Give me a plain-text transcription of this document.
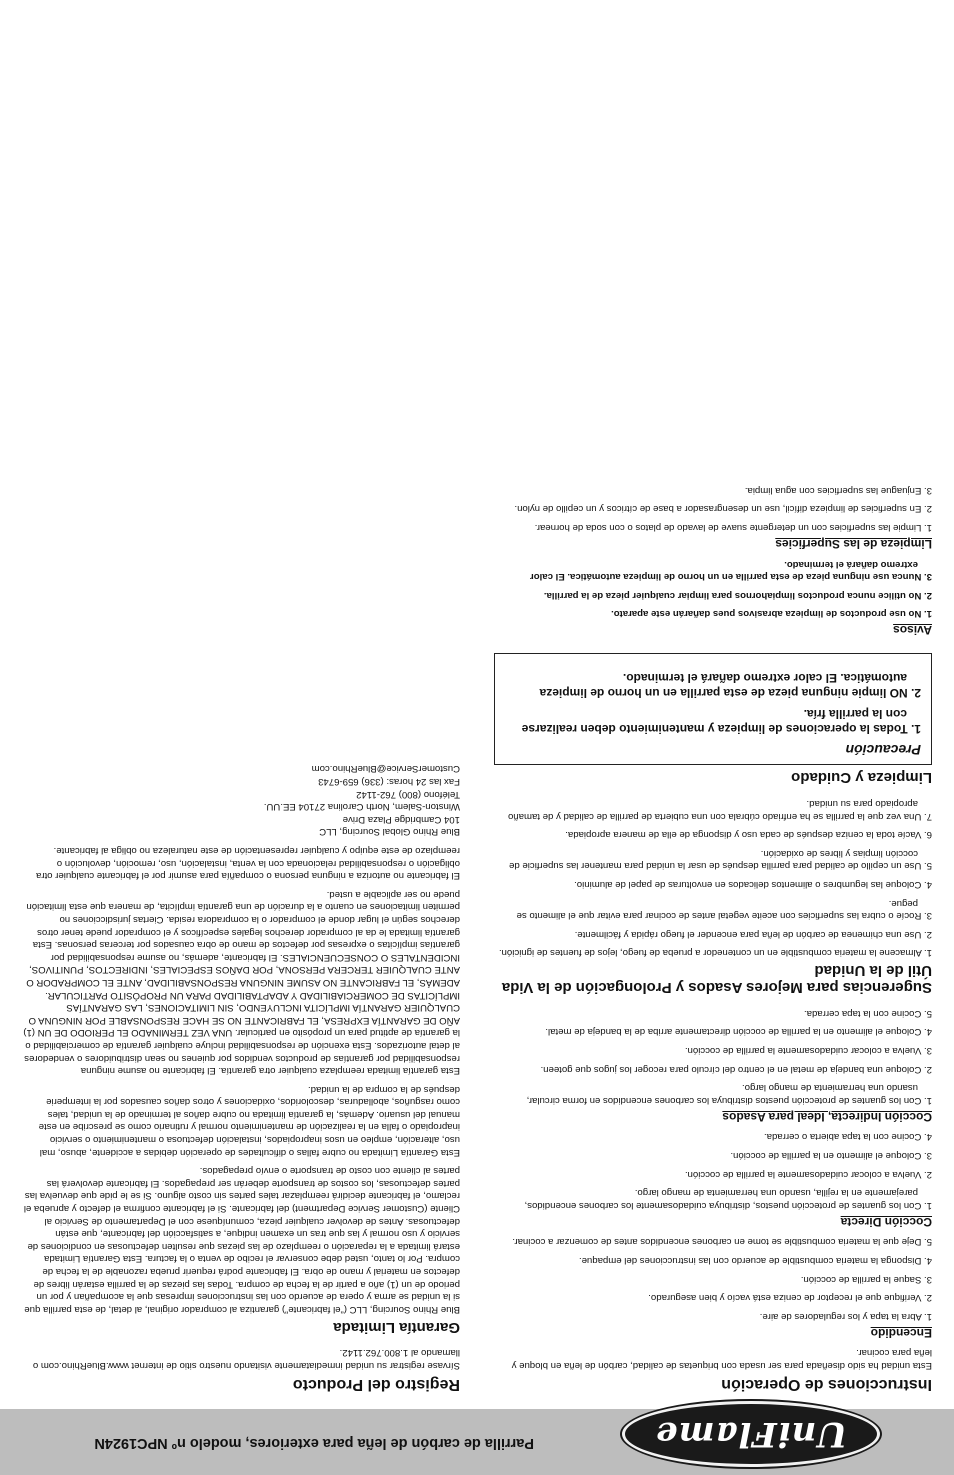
UniFlame
Parrilla de carbón de leña para exteriores, modelo nº NPC1924N
Instrucciones de Operación

Esta unidad ha sido diseñada para ser usada con briquetas de calidad, carbón de leña en bloque y leña para cocinar.

Encendido
1. Abra la tapa y los reguladores de aire.
2. Verifique que el receptor de ceniza está vacío y bien asegurado.
3. Saque la parrilla de cocción.
4. Disponga la materia combustible de acuerdo con las instrucciones del empaque.
5. Deje que la materia combustible se tome en carbones encendidos antes de comenzar a cocinar.
Cocción Directa
1. Con los guantes de protección puestos, distribuya cuidadosamente los carbones encendidos, parejamente en la rejilla, usando una herramienta de mango largo.
2. Vuelva a colocar cuidadosamente la parrilla de cocción.
3. Coloque el alimento en la parrilla de cocción.
4. Cocine con la tapa abierta o cerrada.
Cocción Indirecta, Ideal para Asados
1. Con los guantes de protección puestos distribuya los carbones encendidos en forma circular, usando una herramienta de mango largo.
2. Coloque una bandeja de metal en el centro del círculo para recoger los jugos que goteen.
3. Vuelva a colocar cuidadosamente la parrilla de cocción.
4. Coloque el alimento en la parrilla de cocción directamente arriba de la bandeja de metal.
5. Cocine con la tapa cerrada.
Sugerencias para Mejores Asados y Prolongación de la Vida Útil de la Unidad
1. Almacene la materia combustible en un contenedor a prueba de fuego, lejos de fuentes de ignición.
2. Use una chimenea de carbón de leña para encender el fuego rápida y fácilmente.
3. Rocíe o cubra las superficies con aceite vegetal antes de cocinar para evitar que el alimento se pegue.
4. Coloque las legumbres o alimentos delicados en envolturas de papel de aluminio.
5. Use un cepillo de calidad para parrilla después de usar la unidad para mantener las superficie de cocción limpias y libres de oxidación.
6. Vacíe toda la ceniza después de cada uso y disponga de ella de manera apropiada.
7. Una vez que la parrilla se ha enfriado cúbrala con una cubierta de parrilla de calidad y de tamaño apropiado para su unidad.
Limpieza y Cuidado
Precaución
1. Todas la operaciones de limpieza y mantenimiento deben realizarse con la parrilla fría.
2. NO limpie ninguna pieza de esta parrilla en un horno de limpieza automática. El calor extremo dañará el terminado.
Avisos
1. No use productos de limpieza abrasivos pues dañarán este aparato.
2. No utilice nunca productos limpiahornos para limpiar cualquier pieza de la parrilla.
3. Nunca use ninguna pieza de esta parrilla en un horno de limpieza automática. El calor extremo dañará el terminado.
Limpieza de las Superficies
1. Limpie las superficies con un detergente suave de lavado de platos o con soda de hornear.
2. En superficies de limpieza difícil, use un desengrasador a base de cítricos y un cepillo de nylon.
3. Enjuague las superficies con agua limpia.
Registro del Producto

Sírvase registrar su unidad inmediatamente visitando nuestro sitio de internet www.BlueRhino.com o llamando al 1.800.762.1142.

Garantía Limitada

Blue Rhino Sourcing, LLC (“el fabricante”) garantiza al comprador original, al detal, de esta parrilla que si la unidad se arma y opera de acuerdo con las instrucciones impresas que la acompañan y por un periodo de un (1) año a partir de la fecha de compra. Todas las piezas de la parrilla estarán libres de defectos en material y mano de obra. El fabricante podrá requerir prueba razonable de la fecha de compra. Por lo tanto, usted debe conservar el recibo de venta o la factura. Esta Garantía Limitada estará limitada a la reparación o reemplazo de las piezas que resulten defectuosas en condiciones de servicio y uso normal y las que tras un examen indique, a satisfacción del fabricante, que están defectuosas. Antes de devolver cualquier pieza, comuníquese con el Departamento de Servicio al Cliente (Customer Service Department) del fabricante. Si el fabricante confirma el defecto y aprueba el reclamo, el fabricante decidirá reemplazar tales partes sin costo alguno. Si se le pide que devuelva las partes defectuosas, los costos de transporte deberán ser prepagados. El fabricante devolverá las partes al cliente con costo de transporte o envío prepagados.

Esta Garantía Limitada no cubre fallas o dificultades de operación debidas a accidente, abuso, mal uso, alteración, empleo en usos inapropiados, instalación defectuosa o mantenimiento o servicio inapropiado o falla en la realización de mantenimiento normal y rutinario como se prescribe en este manual del usuario. Además, la garantía limitada no cubre daños al terminado de la unidad, tales como rasguños, abolladuras, descoloridos, oxidaciones y otros daños causados por la intemperie después de la compra de la unidad.

Esta garantía limitada reemplaza cualquier otra garantía. El fabricante no asume ninguna responsabilidad por garantías de productos vendidos por quienes no sean distribuidores o vendedores al detal autorizados. Esta exención de responsabilidad incluye cualquier garantía de comerciabilidad o la garantía de aptitud para un propósito en particular. UNA VEZ TERMINADO EL PERIODO DE UN (1) AÑO DE GARANTÍA EXPRESA, EL FABRICANTE NO SE HACE RESPONSABLE POR NINGUNA O CUALQUIER GARANTÍA IMPLÍCITA INCLUYENDO, SIN LIMITACIONES, LAS GARANTÍAS IMPLÍCITAS DE COMERCIABILIDAD Y ADAPTABILIDAD PARA UN PROPÓSITO PARTICULAR. ADEMÁS, EL FABRICANTE NO ASUME NINGUNA RESPONSABILIDAD, ANTE EL COMPRADOR O ANTE CUALQUIER TERCERA PERSONA, POR DAÑOS ESPECIALES, INDIRECTOS, PUNITIVOS, INCIDENTALES O CONSECUENCIALES. El fabricante, además, no asume responsabilidad por garantías implícitas o expresas por defectos de mano de obra causados por terceras personas. Esta garantía limitada le da al comprador derechos legales específicos y el comprador puede tener otros derechos según el lugar donde el comprador o la compradora resida. Ciertas jurisdicciones no permiten limitaciones en cuanto a la duración de una garantía implícita, de manera que esta limitación puede no ser aplicable a usted.

El fabricante no autoriza a ninguna persona o compañía para asumir por el fabricante cualquier otra obligación o responsabilidad relacionada con la venta, instalación, uso, remoción, devolución o reemplazo de este equipo y cualquier representación de este naturaleza no obliga al fabricante.

Blue Rhino Global Sourcing, LLC

104 Cambridge Plaza Drive

Winston-Salem, North Carolina 27104 EE.UU.

Teléfono (800) 762-1142

Fax las 24 horas: (336) 659-6743

CustomerService@BlueRhino.com
